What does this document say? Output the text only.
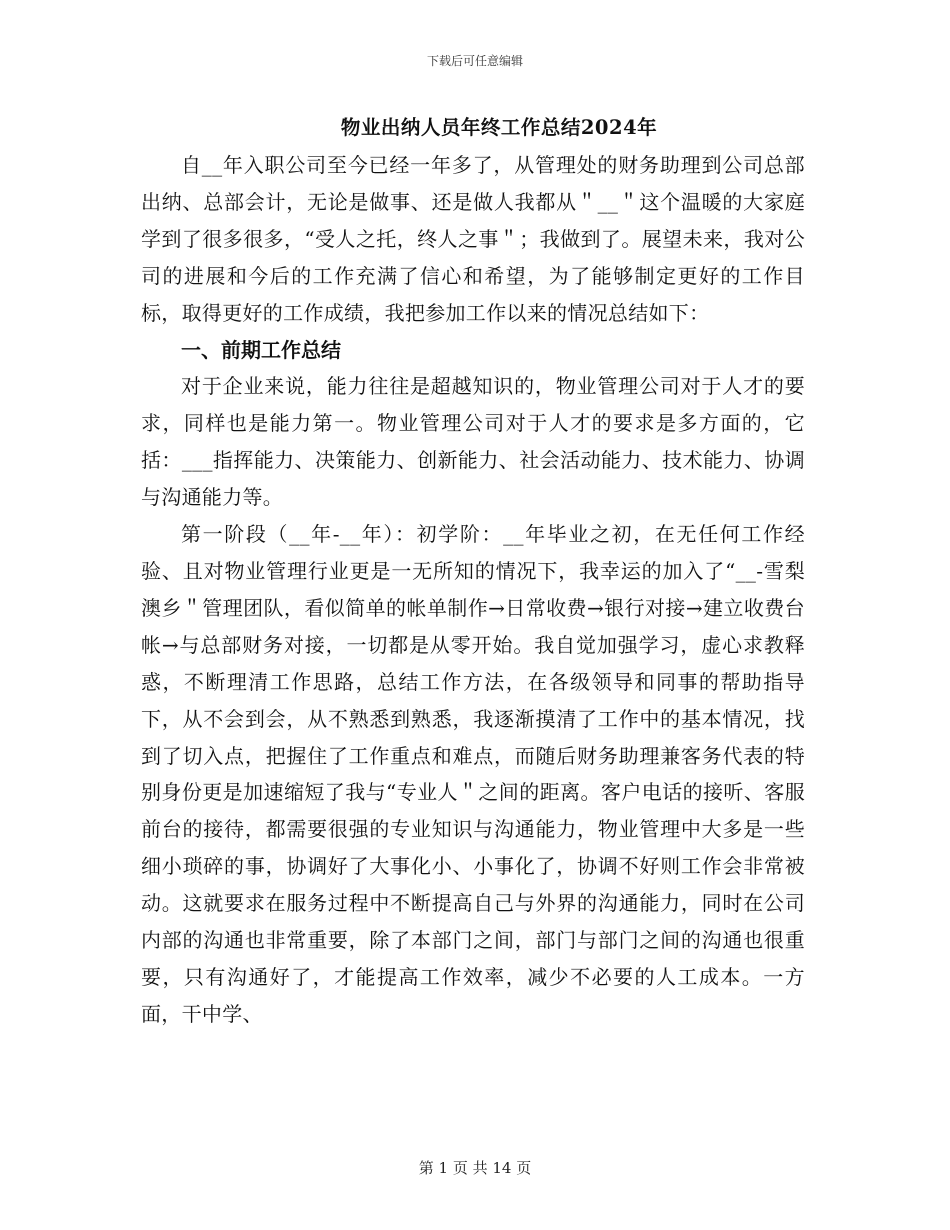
下载后可任意编辑
物业出纳人员年终工作总结2024年

自__年入职公司至今已经一年多了，从管理处的财务助理到公司总部出纳、总部会计，无论是做事、还是做人我都从＂__＂这个温暖的大家庭学到了很多很多，“受人之托，终人之事＂；我做到了。展望未来，我对公司的进展和今后的工作充满了信心和希望，为了能够制定更好的工作目标，取得更好的工作成绩，我把参加工作以来的情况总结如下：

一、前期工作总结

对于企业来说，能力往往是超越知识的，物业管理公司对于人才的要求，同样也是能力第一。物业管理公司对于人才的要求是多方面的，它括：___指挥能力、决策能力、创新能力、社会活动能力、技术能力、协调与沟通能力等。

第一阶段（__年-__年）：初学阶：__年毕业之初，在无任何工作经验、且对物业管理行业更是一无所知的情况下，我幸运的加入了“__-雪梨澳乡＂管理团队，看似简单的帐单制作→日常收费→银行对接→建立收费台帐→与总部财务对接，一切都是从零开始。我自觉加强学习，虚心求教释惑，不断理清工作思路，总结工作方法，在各级领导和同事的帮助指导下，从不会到会，从不熟悉到熟悉，我逐渐摸清了工作中的基本情况，找到了切入点，把握住了工作重点和难点，而随后财务助理兼客务代表的特别身份更是加速缩短了我与“专业人＂之间的距离。客户电话的接听、客服前台的接待，都需要很强的专业知识与沟通能力，物业管理中大多是一些细小琐碎的事，协调好了大事化小、小事化了，协调不好则工作会非常被动。这就要求在服务过程中不断提高自己与外界的沟通能力，同时在公司内部的沟通也非常重要，除了本部门之间，部门与部门之间的沟通也很重要，只有沟通好了，才能提高工作效率，减少不必要的人工成本。一方面，干中学、

第 1 页 共 14 页
